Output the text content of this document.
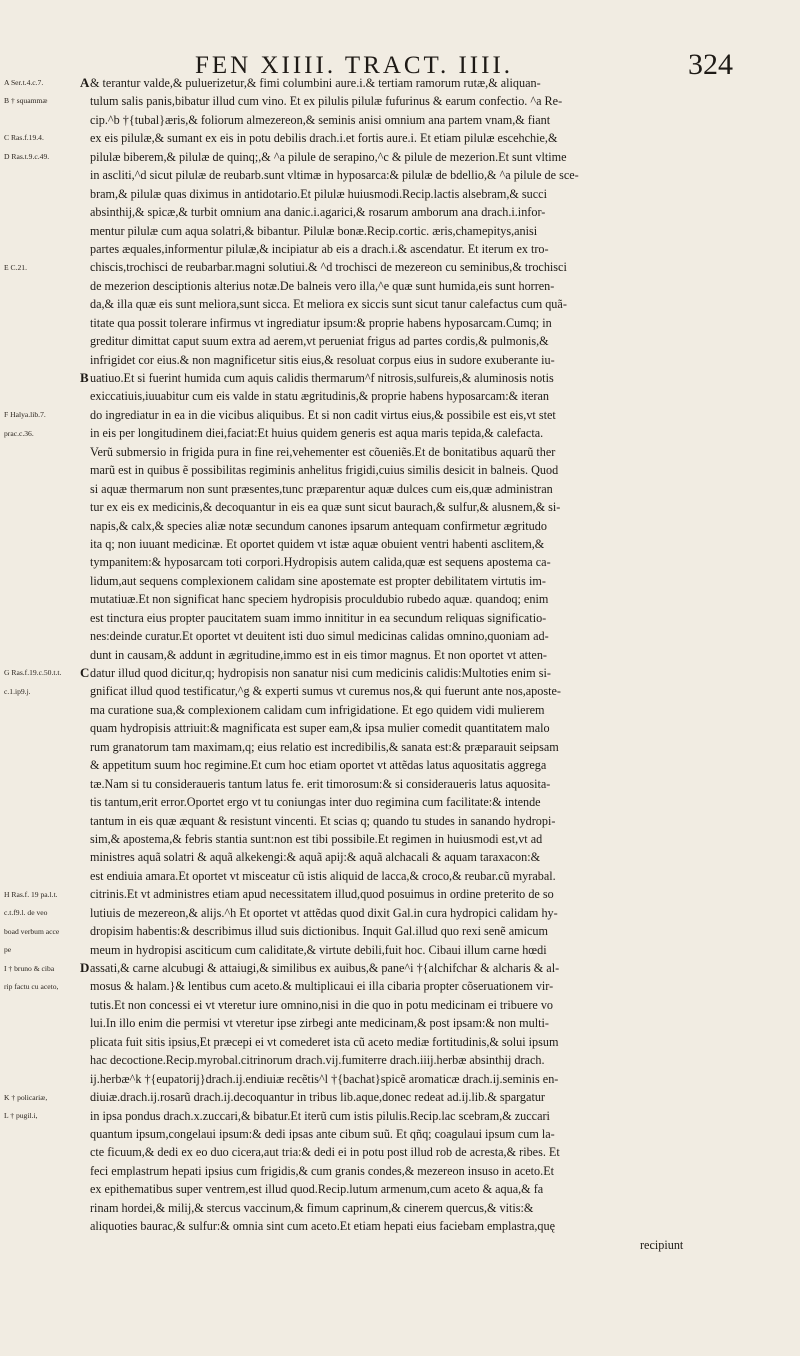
FEN XIIII. TRACT. IIII.	324
A Ser.t.4.c.7.
B † squammæ
C Ras.f.19.4.
D Ras.t.9.c.49.
E C.21.
F Halya.lib.7.
prac.c.36.
G Ras.f.19.c.50.t.t.
c.1.ip9.j.
H Ras.f. 19 pa.l.t.
c.t.f9.l. de veo
boad verbum acce
pe
I † bruno & ciba
rip factu cu aceto,
K † policariæ,
L † pugil.i,
A& terantur valde,& puluerizetur,& fimi columbini aure.i.& tertiam ramorum rutæ,& aliquan-
tulum salis panis,bibatur illud cum vino. Et ex pilulis pilulæ fufurinus & earum confectio. ^a Re-
cip.^b †{tubal}æris,& foliorum almezereon,& seminis anisi omnium ana partem vnam,& fiant
ex eis pilulæ,& sumant ex eis in potu debilis drach.i.et fortis aure.i. Et etiam pilulæ escehchie,&
pilulæ biberem,& pilulæ de quinq;,& ^a pilule de serapino,^c & pilule de mezerion.Et sunt vltime
in ascliti,^d sicut pilulæ de reubarb.sunt vltimæ in hyposarca:& pilulæ de bdellio,& ^a pilule de sce-
bram,& pilulæ quas diximus in antidotario.Et pilulæ huiusmodi.Recip.lactis alsebram,& succi
absinthij,& spicæ,& turbit omnium ana danic.i.agarici,& rosarum amborum ana drach.i.infor-
mentur pilulæ cum aqua solatri,& bibantur. Pilulæ bonæ.Recip.cortic. æris,chamepitys,anisi
partes æquales,informentur pilulæ,& incipiatur ab eis a drach.i.& ascendatur. Et iterum ex tro-
chiscis,trochisci de reubarbar.magni solutiui.& ^d trochisci de mezereon cu seminibus,& trochisci
de mezerion desciptionis alterius notæ.De balneis vero illa,^e quæ sunt humida,eis sunt horren-
da,& illa quæ eis sunt meliora,sunt sicca. Et meliora ex siccis sunt sicut tanur calefactus cum quã-
titate qua possit tolerare infirmus vt ingrediatur ipsum:& proprie habens hyposarcam.Cumq; in
greditur dimittat caput suum extra ad aerem,vt perueniat frigus ad partes cordis,& pulmonis,&
infrigidet cor eius.& non magnificetur sitis eius,& resoluat corpus eius in sudore exuberante iu-
Buatiuo.Et si fuerint humida cum aquis calidis thermarum^f nitrosis,sulfureis,& aluminosis notis
exiccatiuis,iuuabitur cum eis valde in statu ægritudinis,& proprie habens hyposarcam:& iteran
do ingrediatur in ea in die vicibus aliquibus. Et si non cadit virtus eius,& possibile est eis,vt stet
in eis per longitudinem diei,faciat:Et huius quidem generis est aqua maris tepida,& calefacta.
Verũ submersio in frigida pura in fine rei,vehementer est cõueniẽs.Et de bonitatibus aquarũ ther
marũ est in quibus ẽ possibilitas regiminis anhelitus frigidi,cuius similis desicit in balneis. Quod
si aquæ thermarum non sunt præsentes,tunc præparentur aquæ dulces cum eis,quæ administran
tur ex eis ex medicinis,& decoquantur in eis ea quæ sunt sicut baurach,& sulfur,& alusnem,& si-
napis,& calx,& species aliæ notæ secundum canones ipsarum antequam confirmetur ægritudo
ita q; non iuuant medicinæ. Et oportet quidem vt istæ aquæ obuient ventri habenti asclitem,&
tympanitem:& hyposarcam toti corpori.Hydropisis autem calida,quæ est sequens apostema ca-
lidum,aut sequens complexionem calidam sine apostemate est propter debilitatem virtutis im-
mutatiuæ.Et non significat hanc speciem hydropisis proculdubio rubedo aquæ. quandoq; enim
est tinctura eius propter paucitatem suam immo innititur in ea secundum reliquas significatio-
nes:deinde curatur.Et oportet vt deuitent isti duo simul medicinas calidas omnino,quoniam ad-
dunt in causam,& addunt in ægritudine,immo est in eis timor magnus. Et non oportet vt atten-
Cdatur illud quod dicitur,q; hydropisis non sanatur nisi cum medicinis calidis:Multoties enim si-
gnificat illud quod testificatur,^g & experti sumus vt curemus nos,& qui fuerunt ante nos,aposte-
ma curatione sua,& complexionem calidam cum infrigidatione. Et ego quidem vidi mulierem
quam hydropisis attriuit:& magnificata est super eam,& ipsa mulier comedit quantitatem malo
rum granatorum tam maximam,q; eius relatio est incredibilis,& sanata est:& præparauit seipsam
& appetitum suum hoc regimine.Et cum hoc etiam oportet vt attẽdas latus aquositatis aggrega
tæ.Nam si tu consideraueris tantum latus fe. erit timorosum:& si consideraueris latus aquosita-
tis tantum,erit error.Oportet ergo vt tu coniungas inter duo regimina cum facilitate:& intende
tantum in eis quæ æquant & resistunt vincenti. Et scias q; quando tu studes in sanando hydropi-
sim,& apostema,& febris stantia sunt:non est tibi possibile.Et regimen in huiusmodi est,vt ad
ministres aquã solatri & aquã alkekengi:& aquã apij:& aquã alchacali & aquam taraxacon:&
est endiuia amara.Et oportet vt misceatur cũ istis aliquid de lacca,& croco,& reubar.cũ myrabal.
citrinis.Et vt administres etiam apud necessitatem illud,quod posuimus in ordine preterito de so
lutiuis de mezereon,& alijs.^h Et oportet vt attẽdas quod dixit Gal.in cura hydropici calidam hy-
dropisim habentis:& describimus illud suis dictionibus. Inquit Gal.illud quo rexi senẽ amicum
meum in hydropisi asciticum cum caliditate,& virtute debili,fuit hoc. Cibaui illum carne hœdi
Dassati,& carne alcubugi & attaiugi,& similibus ex auibus,& pane^i †{alchifchar & alcharis & al-
mosus & halam.}& lentibus cum aceto.& multiplicaui ei illa cibaria propter cõseruationem vir-
tutis.Et non concessi ei vt vteretur iure omnino,nisi in die quo in potu medicinam ei tribuere vo
lui.In illo enim die permisi vt vteretur ipse zirbegi ante medicinam,& post ipsam:& non multi-
plicata fuit sitis ipsius,Et præcepi ei vt comederet ista cũ aceto mediæ fortitudinis,& solui ipsum
hac decoctione.Recip.myrobal.citrinorum drach.vij.fumiterre drach.iiij.herbæ absinthij drach.
ij.herbæ^k †{eupatorij}drach.ij.endiuiæ recẽtis^l †{bachat}spicẽ aromaticæ drach.ij.seminis en-
diuiæ.drach.ij.rosarũ drach.ij.decoquantur in tribus lib.aque,donec redeat ad.ij.lib.& spargatur
in ipsa pondus drach.x.zuccari,& bibatur.Et iterũ cum istis pilulis.Recip.lac scebram,& zuccari
quantum ipsum,congelaui ipsum:& dedi ipsas ante cibum suũ. Et qñq; coagulaui ipsum cum la-
cte ficuum,& dedi ex eo duo cicera,aut tria:& dedi ei in potu post illud rob de acresta,& ribes. Et
feci emplastrum hepati ipsius cum frigidis,& cum granis condes,& mezereon insuso in aceto.Et
ex epithematibus super ventrem,est illud quod.Recip.lutum armenum,cum aceto & aqua,& fa
rinam hordei,& milij,& stercus vaccinum,& fimum caprinum,& cinerem quercus,& vitis:&
aliquoties baurac,& sulfur:& omnia sint cum aceto.Et etiam hepati eius faciebam emplastra,quę
recipiunt
